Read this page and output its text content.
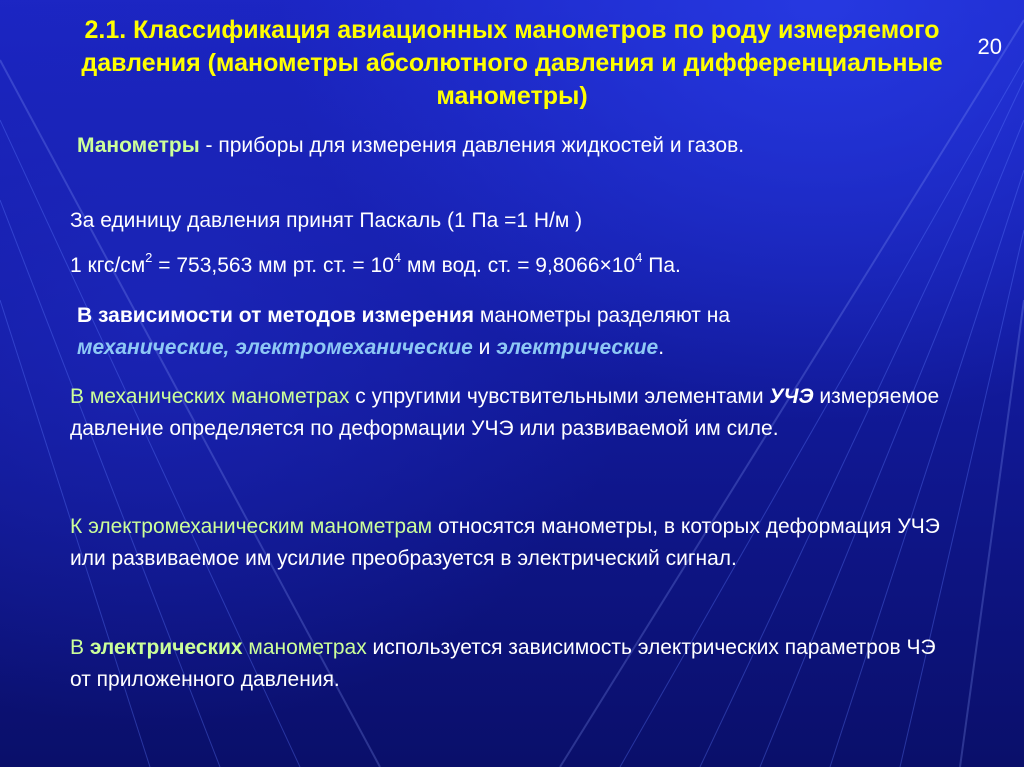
2.1. Классификация авиационных манометров по роду измеряемого давления (манометры абсолютного давления и дифференциальные манометры)
20
Манометры - приборы для измерения давления жидкостей и газов.
За единицу давления принят Паскаль (1 Па =1 Н/м )
1 кгс/$см^2 = 753,563$ мм рт. ст. = $10^4$ мм вод. ст. = $9,8066\times 10^4$ Па.
В зависимости от методов измерения манометры разделяют на
механические, электромеханические и электрические.
В механических манометрах с упругими чувствительными элементами УЧЭ измеряемое давление определяется по деформации УЧЭ или развиваемой им силе.
К электромеханическим манометрам относятся манометры, в которых деформация УЧЭ или развиваемое им усилие преобразуется в электрический сигнал.
В электрических манометрах используется зависимость электрических параметров ЧЭ от приложенного давления.
